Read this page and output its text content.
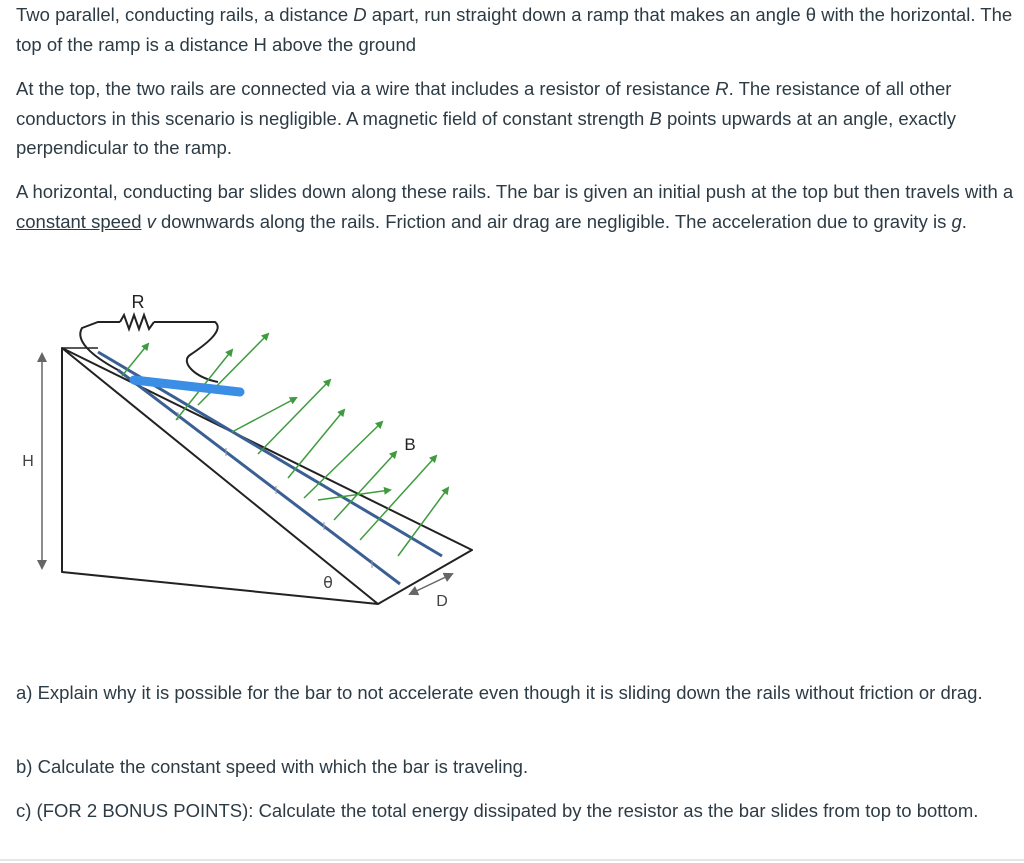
Two parallel, conducting rails, a distance D apart, run straight down a ramp that makes an angle θ with the horizontal. The top of the ramp is a distance H above the ground

At the top, the two rails are connected via a wire that includes a resistor of resistance R. The resistance of all other conductors in this scenario is negligible. A magnetic field of constant strength B points upwards at an angle, exactly perpendicular to the ramp.

A horizontal, conducting bar slides down along these rails. The bar is given an initial push at the top but then travels with a constant speed v downwards along the rails. Friction and air drag are negligible. The acceleration due to gravity is g.

R
B
H
θ
D

a) Explain why it is possible for the bar to not accelerate even though it is sliding down the rails without friction or drag.

b) Calculate the constant speed with which the bar is traveling.

c) (FOR 2 BONUS POINTS): Calculate the total energy dissipated by the resistor as the bar slides from top to bottom.
